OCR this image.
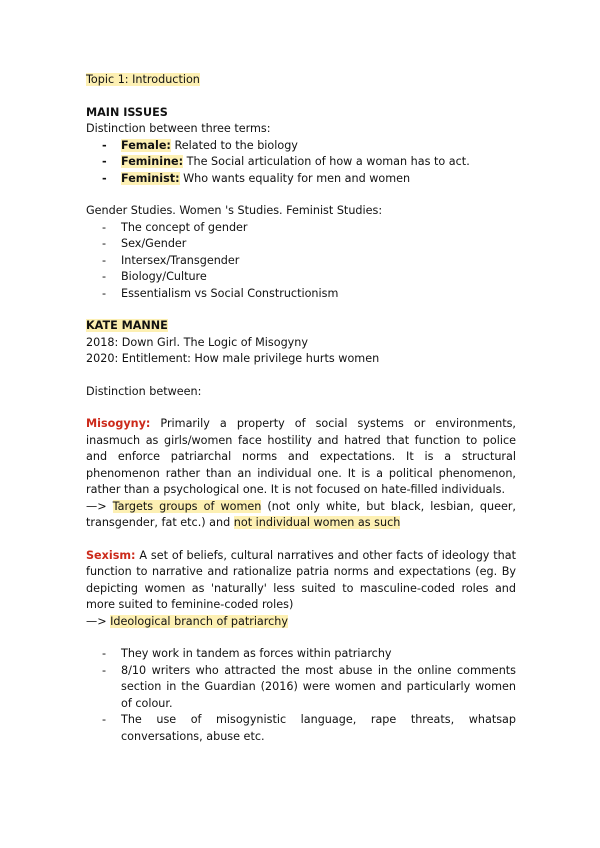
Topic 1: Introduction
MAIN ISSUES
Distinction between three terms:
- Female: Related to the biology
- Feminine: The Social articulation of how a woman has to act.
- Feminist: Who wants equality for men and women
Gender Studies. Women 's Studies. Feminist Studies:
- The concept of gender
- Sex/Gender
- Intersex/Transgender
- Biology/Culture
- Essentialism vs Social Constructionism
KATE MANNE
2018: Down Girl. The Logic of Misogyny
2020: Entitlement: How male privilege hurts women
Distinction between:
Misogyny: Primarily a property of social systems or environments, inasmuch as girls/women face hostility and hatred that function to police and enforce patriarchal norms and expectations. It is a structural phenomenon rather than an individual one. It is a political phenomenon, rather than a psychological one. It is not focused on hate-filled individuals.
—> Targets groups of women (not only white, but black, lesbian, queer, transgender, fat etc.) and not individual women as such
Sexism: A set of beliefs, cultural narratives and other facts of ideology that function to narrative and rationalize patria norms and expectations (eg. By depicting women as 'naturally' less suited to masculine-coded roles and more suited to feminine-coded roles)
—> Ideological branch of patriarchy
- They work in tandem as forces within patriarchy
- 8/10 writers who attracted the most abuse in the online comments section in the Guardian (2016) were women and particularly women of colour.
- The use of misogynistic language, rape threats, whatsap conversations, abuse etc.
